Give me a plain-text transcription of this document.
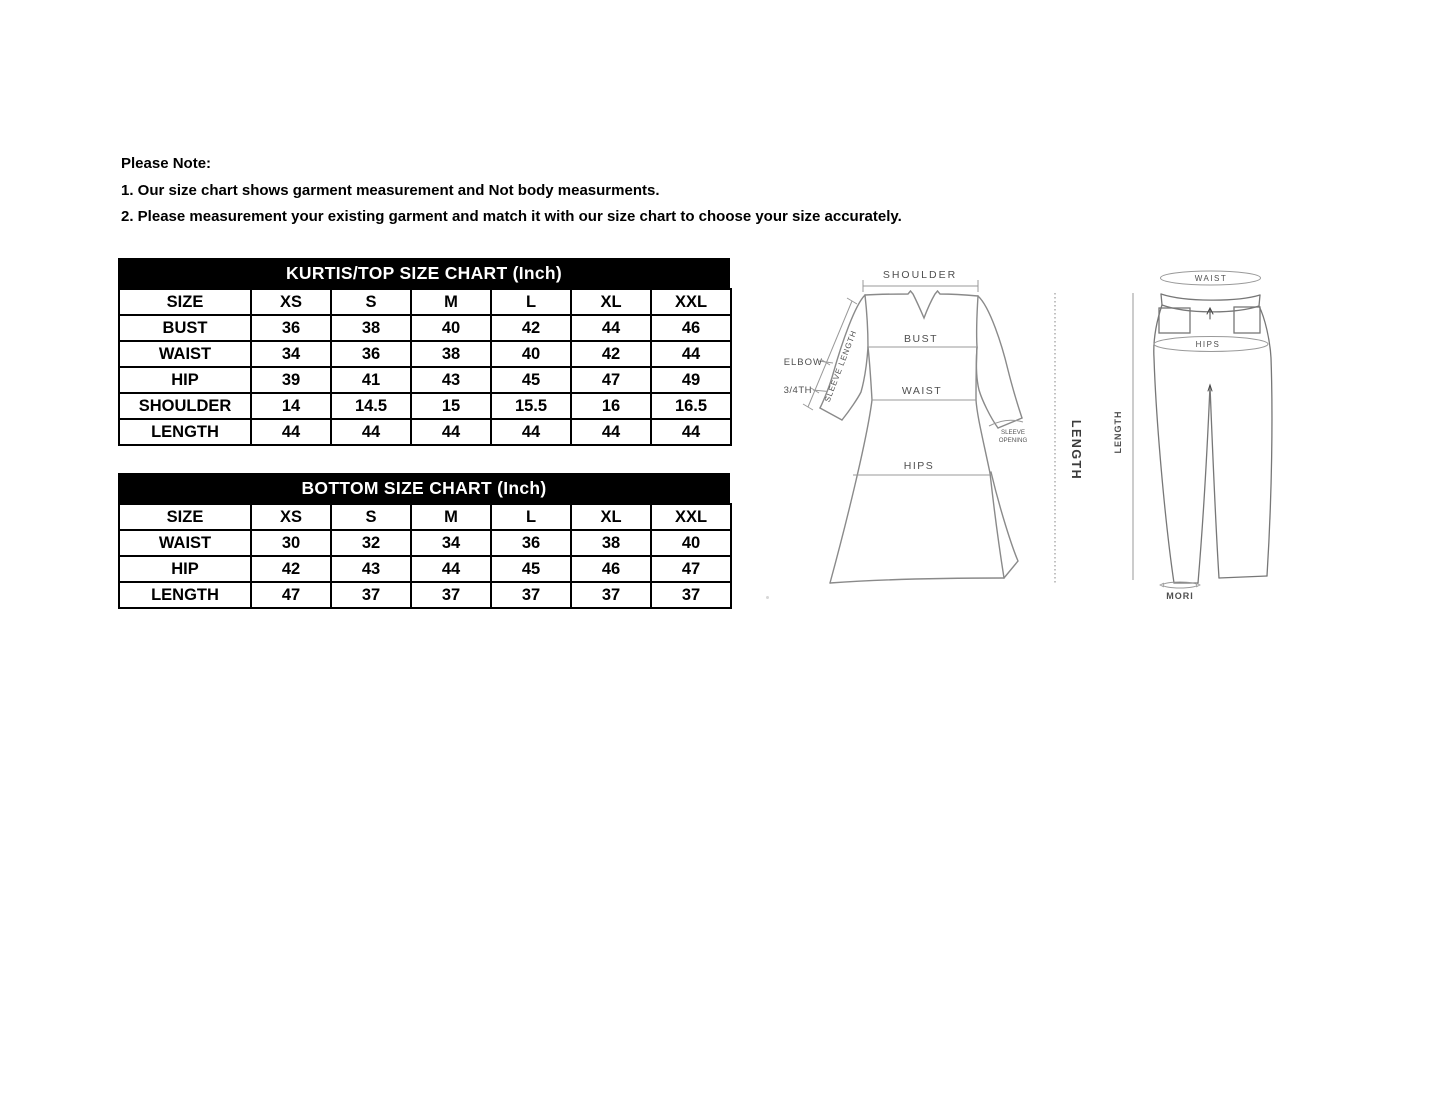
Please Note:

1. Our size chart shows garment measurement and Not body measurments.

2. Please measurement your existing garment and match it with our size chart to choose your size accurately.

KURTIS/TOP SIZE CHART (Inch)
SIZE	XS	S	M	L	XL	XXL
BUST	36	38	40	42	44	46
WAIST	34	36	38	40	42	44
HIP	39	41	43	45	47	49
SHOULDER	14	14.5	15	15.5	16	16.5
LENGTH	44	44	44	44	44	44
BOTTOM SIZE CHART (Inch)
SIZE	XS	S	M	L	XL	XXL
WAIST	30	32	34	36	38	40
HIP	42	43	44	45	46	47
LENGTH	47	37	37	37	37	37
SHOULDER
BUST
WAIST
HIPS
ELBOW
3/4TH SLEEVE LENGTH
SLEEVE
OPENING	LENGTH
WAIST
HIPS
LENGTH
MORI
